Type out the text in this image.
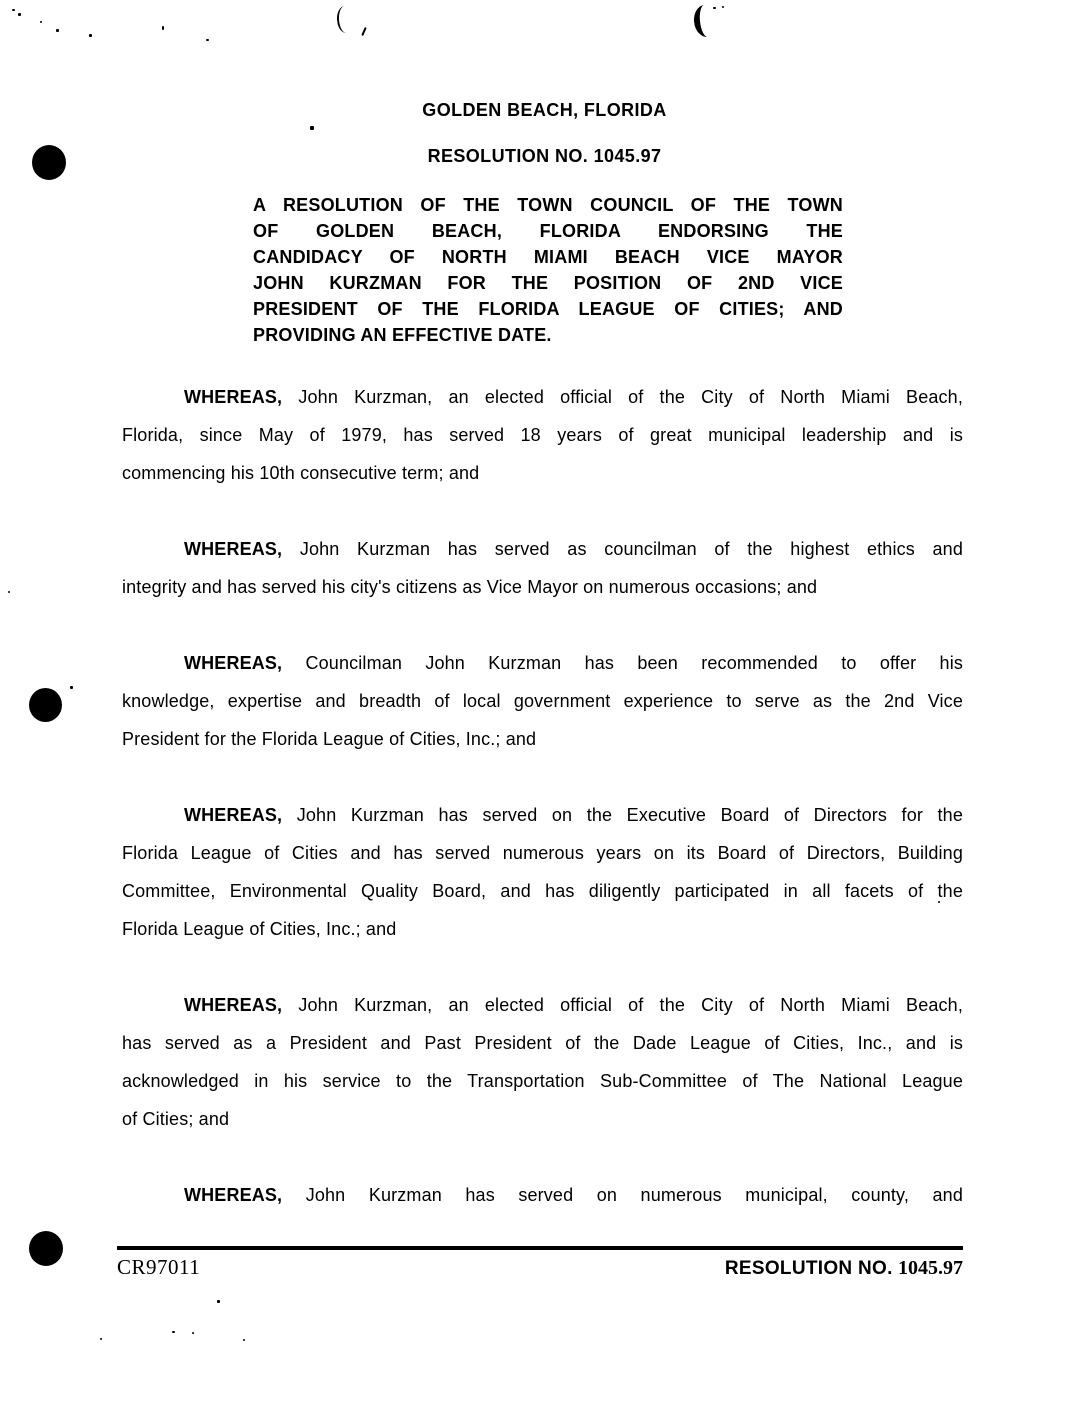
GOLDEN BEACH, FLORIDA
RESOLUTION NO. 1045.97
A RESOLUTION OF THE TOWN COUNCIL OF THE TOWN
OF GOLDEN BEACH, FLORIDA ENDORSING THE
CANDIDACY OF NORTH MIAMI BEACH VICE MAYOR
JOHN KURZMAN FOR THE POSITION OF 2ND VICE
PRESIDENT OF THE FLORIDA LEAGUE OF CITIES; AND
PROVIDING AN EFFECTIVE DATE.

WHEREAS, John Kurzman, an elected official of the City of North Miami Beach,
Florida, since May of 1979, has served 18 years of great municipal leadership and is
commencing his 10th consecutive term; and

WHEREAS, John Kurzman has served as councilman of the highest ethics and
integrity and has served his city's citizens as Vice Mayor on numerous occasions; and

WHEREAS, Councilman John Kurzman has been recommended to offer his
knowledge, expertise and breadth of local government experience to serve as the 2nd Vice
President for the Florida League of Cities, Inc.; and

WHEREAS, John Kurzman has served on the Executive Board of Directors for the
Florida League of Cities and has served numerous years on its Board of Directors, Building
Committee, Environmental Quality Board, and has diligently participated in all facets of the
Florida League of Cities, Inc.; and

WHEREAS, John Kurzman, an elected official of the City of North Miami Beach,
has served as a President and Past President of the Dade League of Cities, Inc., and is
acknowledged in his service to the Transportation Sub-Committee of The National League
of Cities; and

WHEREAS, John Kurzman has served on numerous municipal, county, and

CR97011	RESOLUTION NO. 1045.97
